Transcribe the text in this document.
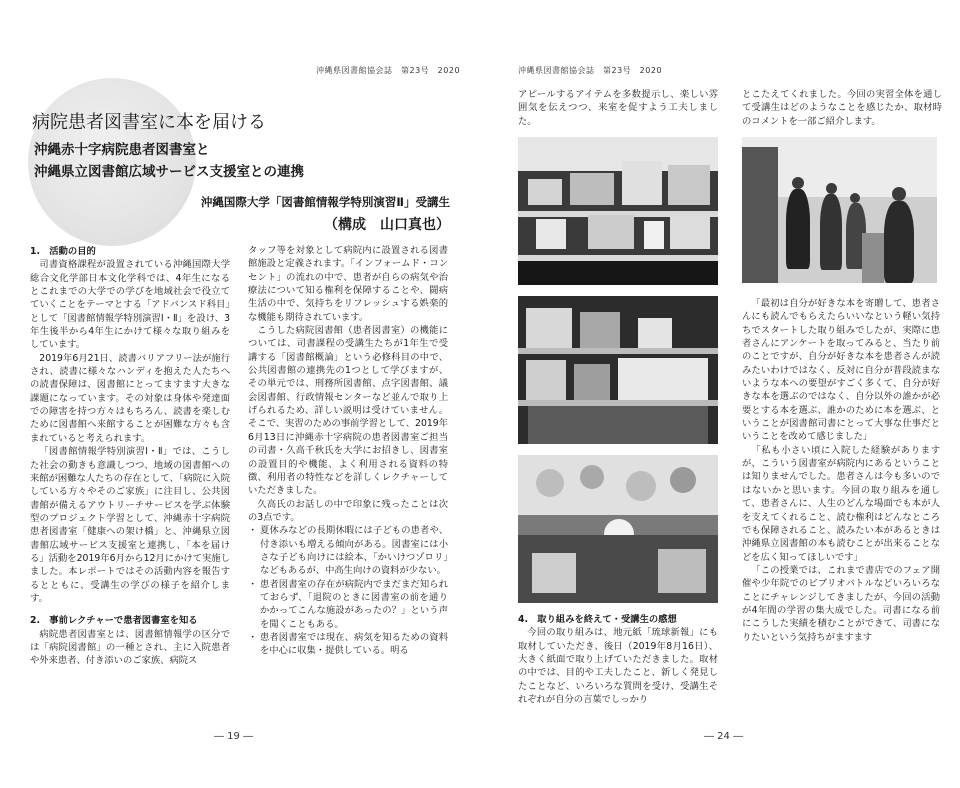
沖縄県図書館協会誌　第23号　2020
病院患者図書室に本を届ける
沖縄赤十字病院患者図書室と
沖縄県立図書館広域サービス支援室との連携
沖縄国際大学「図書館情報学特別演習Ⅱ」受講生
（構成　山口真也）

1.　活動の目的

司書資格課程が設置されている沖縄国際大学総合文化学部日本文化学科では、4年生になるとこれまでの大学での学びを地域社会で役立てていくことをテーマとする「アドバンスド科目」として「図書館情報学特別演習Ⅰ・Ⅱ」を設け、3年生後半から4年生にかけて様々な取り組みをしています。

2019年6月21日、読書バリアフリー法が施行され、読書に様々なハンディを抱えた人たちへの読書保障は、図書館にとってますます大きな課題になっています。その対象は身体や発達面での障害を持つ方々はもちろん、読書を楽しむために図書館へ来館することが困難な方々も含まれていると考えられます。

「図書館情報学特別演習Ⅰ・Ⅱ」では、こうした社会の動きも意識しつつ、地域の図書館への来館が困難な人たちの存在として、「病院に入院している方々やそのご家族」に注目し、公共図書館が備えるアウトリーチサービスを学ぶ体験型のプロジェクト学習として、沖縄赤十字病院患者図書室「健康への架け橋」と、沖縄県立図書館広域サービス支援室と連携し、「本を届ける」活動を2019年6月から12月にかけて実施しました。本レポートではその活動内容を報告するとともに、受講生の学びの様子を紹介します。

2.　事前レクチャーで患者図書室を知る

病院患者図書室とは、図書館情報学の区分では「病院図書館」の一種とされ、主に入院患者や外来患者、付き添いのご家族、病院ス

タッフ等を対象として病院内に設置される図書館施設と定義されます。「インフォームド・コンセント」の流れの中で、患者が自らの病気や治療法について知る権利を保障することや、闘病生活の中で、気持ちをリフレッシュする娯楽的な機能も期待されています。

こうした病院図書館（患者図書室）の機能については、司書課程の受講生たちが1年生で受講する「図書館概論」という必修科目の中で、公共図書館の連携先の1つとして学びますが、その単元では、刑務所図書館、点字図書館、議会図書館、行政情報センターなど並んで取り上げられるため、詳しい説明は受けていません。そこで、実習のための事前学習として、2019年6月13日に沖縄赤十字病院の患者図書室ご担当の司書・久高千秋氏を大学にお招きし、図書室の設置目的や機能、よく利用される資料の特徴、利用者の特性などを詳しくレクチャーしていただきました。

久高氏のお話しの中で印象に残ったことは次の3点です。

・ 夏休みなどの長期休暇には子どもの患者や、付き添いも増える傾向がある。図書室には小さな子ども向けには絵本、「かいけつゾロリ」などもあるが、中高生向けの資料が少ない。
・ 患者図書室の存在が病院内でまだまだ知られておらず、「退院のときに図書室の前を通りかかってこんな施設があったの？」という声を聞くこともある。
・ 患者図書室では現在、病気を知るための資料を中心に収集・提供している。明る
― 19 ―
沖縄県図書館協会誌　第23号　2020

アピールするアイテムを多数提示し、楽しい雰囲気を伝えつつ、来室を促すよう工夫しました。

4.　取り組みを終えて・受講生の感想

今回の取り組みは、地元紙「琉球新報」にも取材していただき、後日（2019年8月16日）、大きく紙面で取り上げていただきました。取材の中では、目的や工夫したこと、新しく発見したことなど、いろいろな質問を受け、受講生それぞれが自分の言葉でしっかり

とこたえてくれました。今回の実習全体を通して受講生はどのようなことを感じたか、取材時のコメントを一部ご紹介します。

「最初は自分が好きな本を寄贈して、患者さんにも読んでもらえたらいいなという軽い気持ちでスタートした取り組みでしたが、実際に患者さんにアンケートを取ってみると、当たり前のことですが、自分が好きな本を患者さんが読みたいわけではなく、反対に自分が普段読まないような本への要望がすごく多くて、自分が好きな本を選ぶのではなく、自分以外の誰かが必要とする本を選ぶ、誰かのために本を選ぶ、ということが図書館司書にとって大事な仕事だということを改めて感じました」

「私も小さい頃に入院した経験がありますが、こういう図書室が病院内にあるということは知りませんでした。患者さんは今も多いのではないかと思います。今回の取り組みを通して、患者さんに、人生のどんな場面でも本が人を支えてくれること、読む権利はどんなところでも保障されること、読みたい本があるときは沖縄県立図書館の本も読むことが出来ることなどを広く知ってほしいです」

「この授業では、これまで書店でのフェア開催や少年院でのビブリオバトルなどいろいろなことにチャレンジしてきましたが、今回の活動が4年間の学習の集大成でした。司書になる前にこうした実績を積むことができて、司書になりたいという気持ちがますます

― 24 ―
